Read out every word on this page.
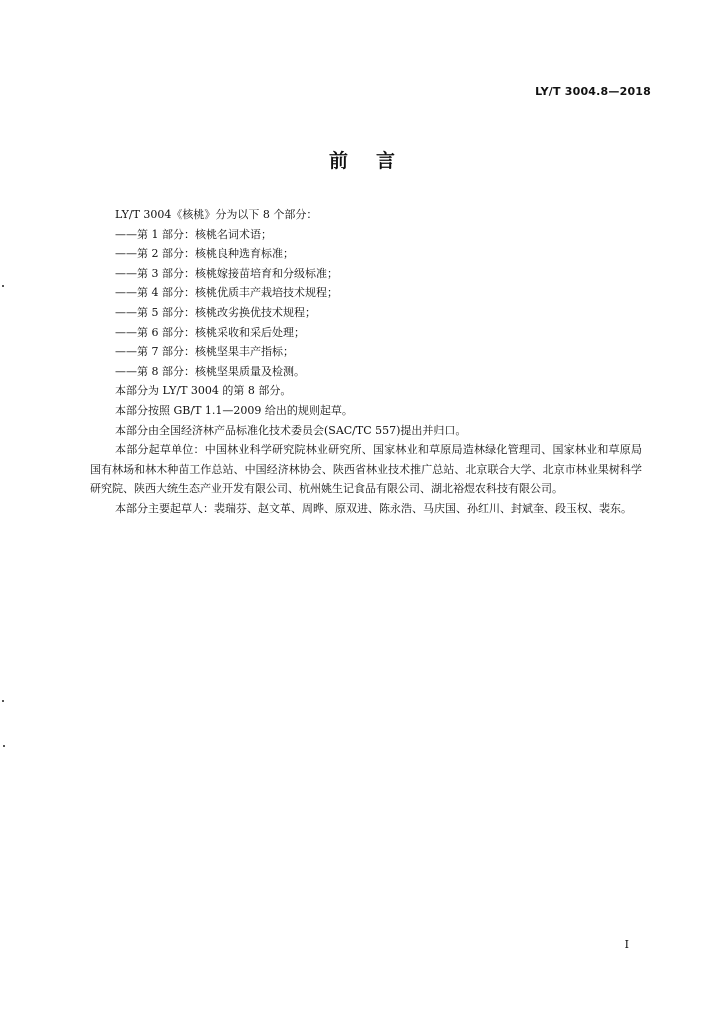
LY/T 3004.8—2018
前言

LY/T 3004《核桃》分为以下 8 个部分：

——第 1 部分：核桃名词术语；

——第 2 部分：核桃良种选育标准；

——第 3 部分：核桃嫁接苗培育和分级标准；

——第 4 部分：核桃优质丰产栽培技术规程；

——第 5 部分：核桃改劣换优技术规程；

——第 6 部分：核桃采收和采后处理；

——第 7 部分：核桃坚果丰产指标；

——第 8 部分：核桃坚果质量及检测。

本部分为 LY/T 3004 的第 8 部分。

本部分按照 GB/T 1.1—2009 给出的规则起草。

本部分由全国经济林产品标准化技术委员会(SAC/TC 557)提出并归口。

本部分起草单位：中国林业科学研究院林业研究所、国家林业和草原局造林绿化管理司、国家林业和草原局国有林场和林木种苗工作总站、中国经济林协会、陕西省林业技术推广总站、北京联合大学、北京市林业果树科学研究院、陕西大统生态产业开发有限公司、杭州姚生记食品有限公司、湖北裕煜农科技有限公司。

本部分主要起草人：裴瑞芬、赵文革、周晔、原双进、陈永浩、马庆国、孙红川、封斌奎、段玉权、裴东。

I
